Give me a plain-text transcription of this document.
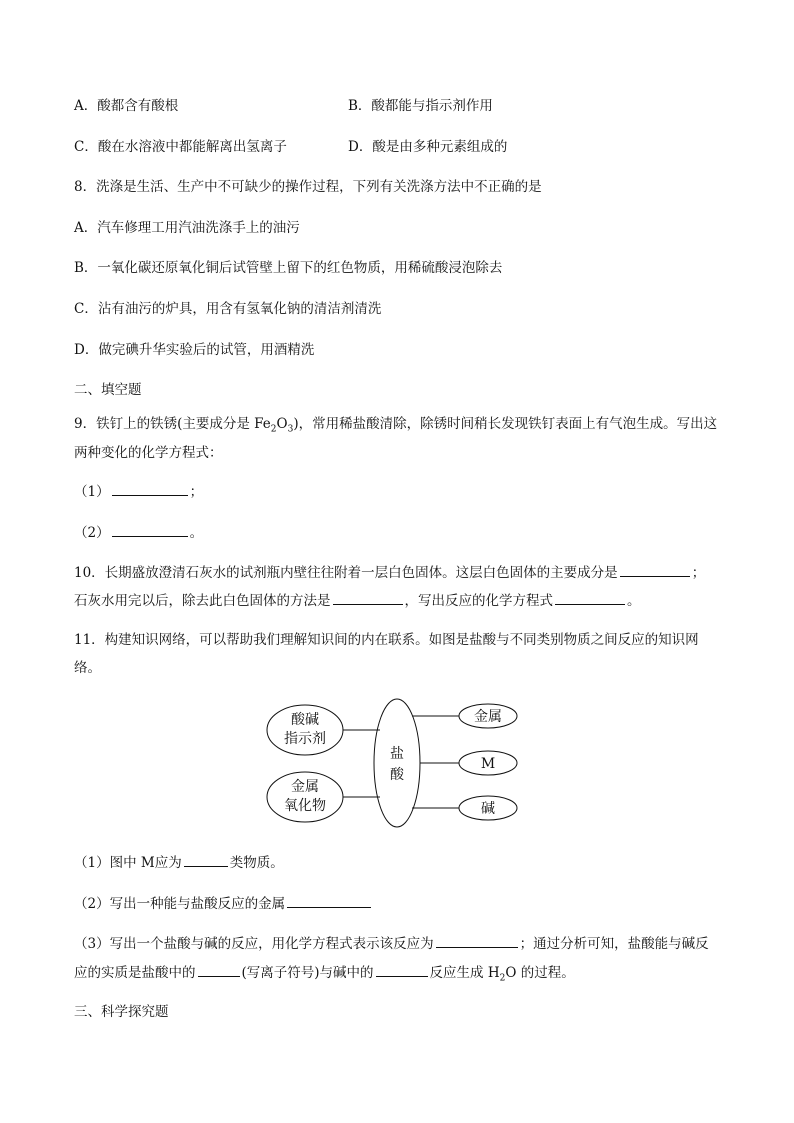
A．酸都含有酸根	B．酸都能与指示剂作用
C．酸在水溶液中都能解离出氢离子	D．酸是由多种元素组成的
8．洗涤是生活、生产中不可缺少的操作过程，下列有关洗涤方法中不正确的是
A．汽车修理工用汽油洗涤手上的油污
B．一氧化碳还原氧化铜后试管壁上留下的红色物质，用稀硫酸浸泡除去
C．沾有油污的炉具，用含有氢氧化钠的清洁剂清洗
D．做完碘升华实验后的试管，用酒精洗
二、填空题
9．铁钉上的铁锈(主要成分是 $Fe_2O_3$)，常用稀盐酸清除，除锈时间稍长发现铁钉表面上有气泡生成。写出这
两种变化的化学方程式：
（1）	；
（2）	。
10．长期盛放澄清石灰水的试剂瓶内壁往往附着一层白色固体。这层白色固体的主要成分是	；
石灰水用完以后，除去此白色固体的方法是	，写出反应的化学方程式	。
11．构建知识网络，可以帮助我们理解知识间的内在联系。如图是盐酸与不同类别物质之间反应的知识网
络。
酸碱
指示剂
金属
氧化物
盐
酸
金属
M
碱
（1）图中 M应为	类物质。
（2）写出一种能与盐酸反应的金属
（3）写出一个盐酸与碱的反应，用化学方程式表示该反应为	；通过分析可知，盐酸能与碱反
应的实质是盐酸中的	(写离子符号)与碱中的	反应生成 $H_2O$ 的过程。
三、科学探究题
